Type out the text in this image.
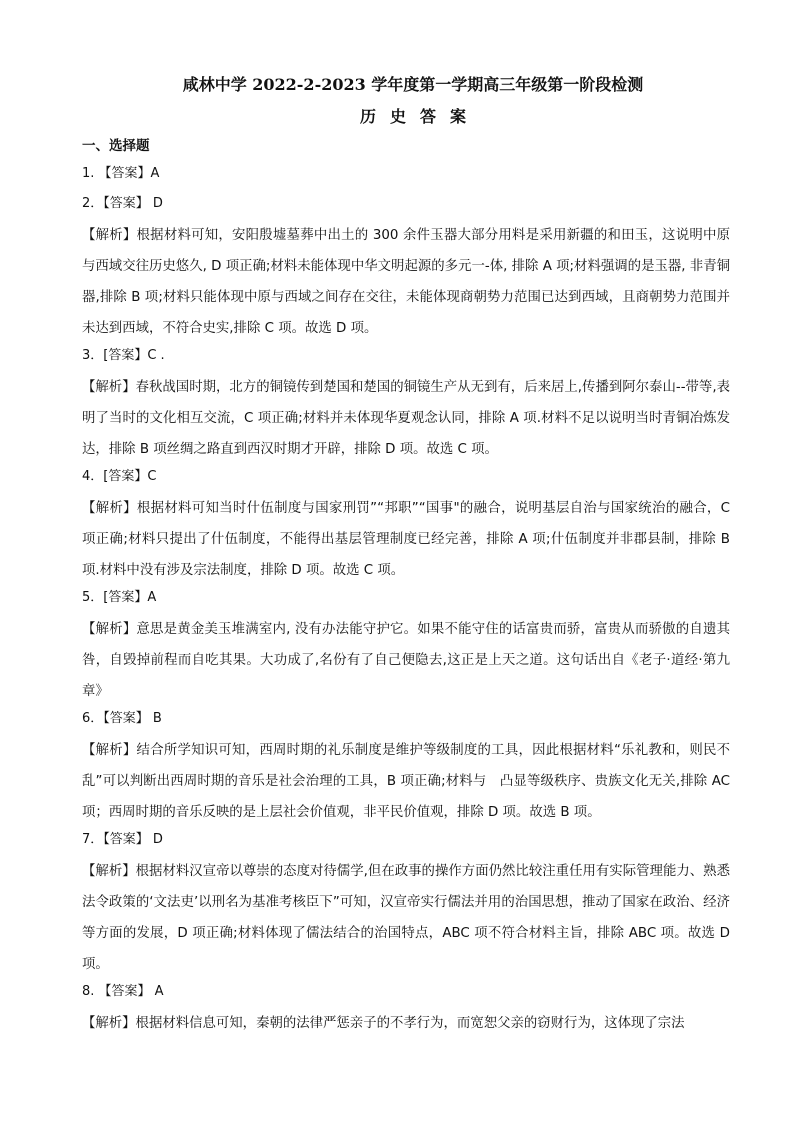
咸林中学 2022-2-2023 学年度第一学期高三年级第一阶段检测
历史答案
一、选择题
1. 【答案】A
2．【答案】 D
【解析】根据材料可知，安阳殷墟墓葬中出土的 300 余件玉器大部分用料是采用新疆的和田玉，这说明中原与西域交往历史悠久, D 项正确;材料未能体现中华文明起源的多元一-体, 排除 A 项;材料强调的是玉器, 非青铜器,排除 B 项;材料只能体现中原与西域之间存在交往，未能体现商朝势力范围已达到西域，且商朝势力范围并未达到西域，不符合史实,排除 C 项。故选 D 项。
3．[答案】C .
【解析】春秋战国时期，北方的铜镜传到楚国和楚国的铜镜生产从无到有，后来居上,传播到阿尔泰山--带等,表明了当时的文化相互交流，C 项正确;材料并未体现华夏观念认同，排除 A 项.材料不足以说明当时青铜冶炼发达，排除 B 项丝绸之路直到西汉时期才开辟，排除 D 项。故选 C 项。
4．[答案】C
【解析】根据材料可知当时什伍制度与国家刑罚”“邦职”“国事"的融合，说明基层自治与国家统治的融合，C 项正确;材料只提出了什伍制度，不能得出基层管理制度已经完善，排除 A 项;什伍制度并非郡县制，排除 B 项.材料中没有涉及宗法制度，排除 D 项。故选 C 项。
5．[答案】A
【解析】意思是黄金美玉堆满室内, 没有办法能守护它。如果不能守住的话富贵而骄，富贵从而骄傲的自遗其咎，自毁掉前程而自吃其果。大功成了,名份有了自己便隐去,这正是上天之道。这句话出自《老子·道经·第九章》
6．【答案】 B
【解析】结合所学知识可知，西周时期的礼乐制度是维护等级制度的工具，因此根据材料“乐礼教和，则民不乱”可以判断出西周时期的音乐是社会治理的工具，B 项正确;材料与　凸显等级秩序、贵族文化无关,排除 AC 项；西周时期的音乐反映的是上层社会价值观，非平民价值观，排除 D 项。故选 B 项。
7．【答案】 D
【解析】根据材料汉宣帝以尊崇的态度对待儒学,但在政事的操作方面仍然比较注重任用有实际管理能力、熟悉法令政策的‘文法吏’以刑名为基准考核臣下”可知，汉宣帝实行儒法并用的治国思想，推动了国家在政治、经济等方面的发展，D 项正确;材料体现了儒法结合的治国特点，ABC 项不符合材料主旨，排除 ABC 项。故选 D 项。
8. 【答案】 A
【解析】根据材料信息可知，秦朝的法律严惩亲子的不孝行为，而宽恕父亲的窃财行为，这体现了宗法
